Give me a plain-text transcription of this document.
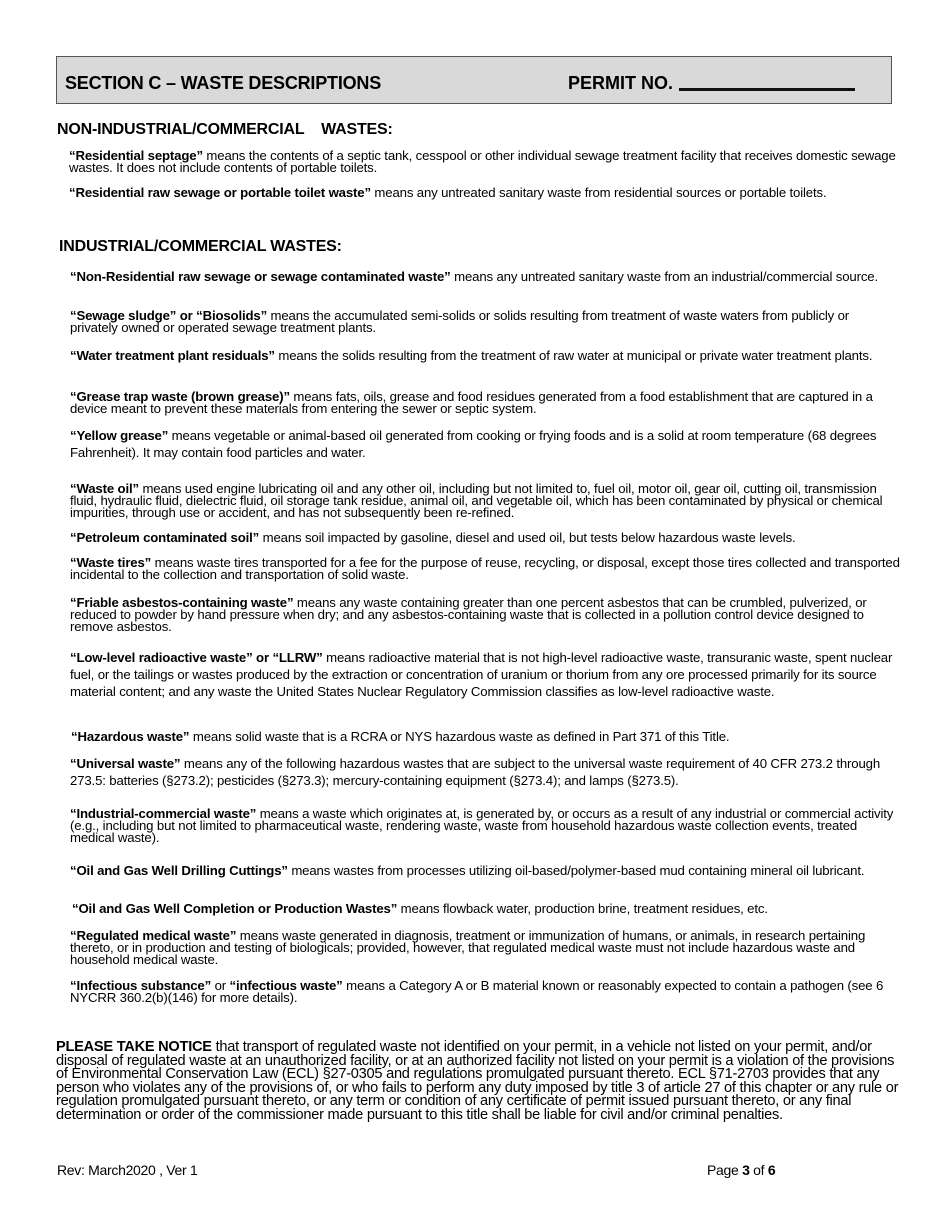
SECTION C – WASTE DESCRIPTIONS	PERMIT NO.
NON-INDUSTRIAL/COMMERCIAL    WASTES:
“Residential septage” means the contents of a septic tank, cesspool or other individual sewage treatment facility that receives domestic sewage wastes. It does not include contents of portable toilets.
“Residential raw sewage or portable toilet waste” means any untreated sanitary waste from residential sources or portable toilets.
INDUSTRIAL/COMMERCIAL WASTES:
“Non-Residential raw sewage or sewage contaminated waste” means any untreated sanitary waste from an industrial/commercial source.
“Sewage sludge” or “Biosolids” means the accumulated semi-solids or solids resulting from treatment of waste waters from publicly or privately owned or operated sewage treatment plants.
“Water treatment plant residuals” means the solids resulting from the treatment of raw water at municipal or private water treatment plants.
“Grease trap waste (brown grease)” means fats, oils, grease and food residues generated from a food establishment that are captured in a device meant to prevent these materials from entering the sewer or septic system.
“Yellow grease” means vegetable or animal-based oil generated from cooking or frying foods and is a solid at room temperature (68 degrees Fahrenheit). It may contain food particles and water.
“Waste oil” means used engine lubricating oil and any other oil, including but not limited to, fuel oil, motor oil, gear oil, cutting oil, transmission fluid, hydraulic fluid, dielectric fluid, oil storage tank residue, animal oil, and vegetable oil, which has been contaminated by physical or chemical impurities, through use or accident, and has not subsequently been re-refined.
“Petroleum contaminated soil” means soil impacted by gasoline, diesel and used oil, but tests below hazardous waste levels.
“Waste tires” means waste tires transported for a fee for the purpose of reuse, recycling, or disposal, except those tires collected and transported incidental to the collection and transportation of solid waste.
“Friable asbestos-containing waste” means any waste containing greater than one percent asbestos that can be crumbled, pulverized, or reduced to powder by hand pressure when dry; and any asbestos-containing waste that is collected in a pollution control device designed to remove asbestos.
“Low-level radioactive waste” or “LLRW” means radioactive material that is not high-level radioactive waste, transuranic waste, spent nuclear fuel, or the tailings or wastes produced by the extraction or concentration of uranium or thorium from any ore processed primarily for its source material content; and any waste the United States Nuclear Regulatory Commission classifies as low-level radioactive waste.
“Hazardous waste” means solid waste that is a RCRA or NYS hazardous waste as defined in Part 371 of this Title.
“Universal waste” means any of the following hazardous wastes that are subject to the universal waste requirement of 40 CFR 273.2 through 273.5: batteries (§273.2); pesticides (§273.3); mercury-containing equipment (§273.4); and lamps (§273.5).
“Industrial-commercial waste” means a waste which originates at, is generated by, or occurs as a result of any industrial or commercial activity (e.g., including but not limited to pharmaceutical waste, rendering waste, waste from household hazardous waste collection events, treated medical waste).
“Oil and Gas Well Drilling Cuttings” means wastes from processes utilizing oil-based/polymer-based mud containing mineral oil lubricant.
“Oil and Gas Well Completion or Production Wastes” means flowback water, production brine, treatment residues, etc.
“Regulated medical waste” means waste generated in diagnosis, treatment or immunization of humans, or animals, in research pertaining thereto, or in production and testing of biologicals; provided, however, that regulated medical waste must not include hazardous waste and household medical waste.
“Infectious substance” or “infectious waste” means a Category A or B material known or reasonably expected to contain a pathogen (see 6 NYCRR 360.2(b)(146) for more details).
PLEASE TAKE NOTICE that transport of regulated waste not identified on your permit, in a vehicle not listed on your permit, and/or disposal of regulated waste at an unauthorized facility, or at an authorized facility not listed on your permit is a violation of the provisions of Environmental Conservation Law (ECL) §27-0305 and regulations promulgated pursuant thereto. ECL §71-2703 provides that any person who violates any of the provisions of, or who fails to perform any duty imposed by title 3 of article 27 of this chapter or any rule or regulation promulgated pursuant thereto, or any term or condition of any certificate of permit issued pursuant thereto, or any final determination or order of the commissioner made pursuant to this title shall be liable for civil and/or criminal penalties.
Rev: March2020 , Ver 1	Page 3 of 6
